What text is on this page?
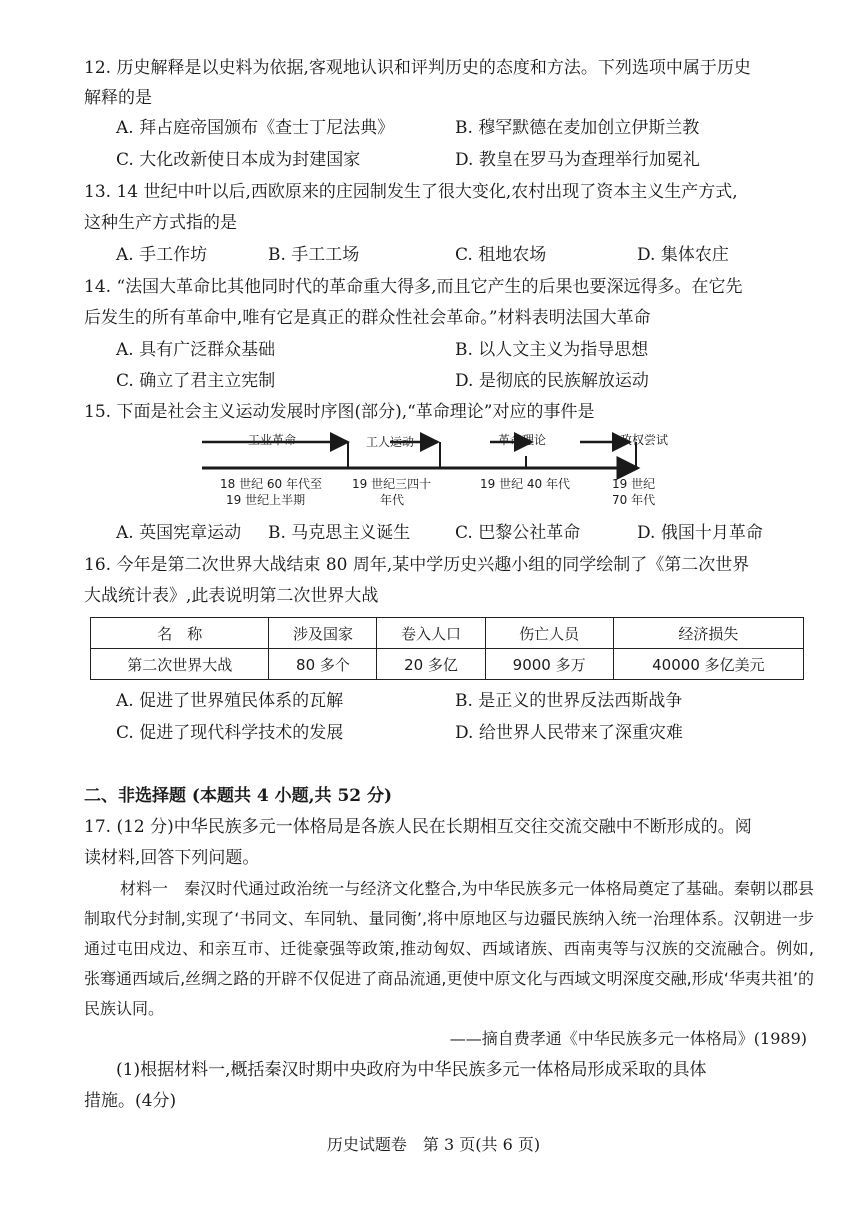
12. 历史解释是以史料为依据,客观地认识和评判历史的态度和方法。下列选项中属于历史
解释的是
A. 拜占庭帝国颁布《查士丁尼法典》	B. 穆罕默德在麦加创立伊斯兰教
C. 大化改新使日本成为封建国家	D. 教皇在罗马为查理举行加冕礼
13. 14 世纪中叶以后,西欧原来的庄园制发生了很大变化,农村出现了资本主义生产方式,
这种生产方式指的是
A. 手工作坊	B. 手工工场	C. 租地农场	D. 集体农庄
14. “法国大革命比其他同时代的革命重大得多,而且它产生的后果也要深远得多。在它先
后发生的所有革命中,唯有它是真正的群众性社会革命。”材料表明法国大革命
A. 具有广泛群众基础	B. 以人文主义为指导思想
C. 确立了君主立宪制	D. 是彻底的民族解放运动
15. 下面是社会主义运动发展时序图(部分),“革命理论”对应的事件是
工业革命	工人运动	革命理论	政权尝试
18 世纪 60 年代至
19 世纪上半期
19 世纪三四十
年代
19 世纪 40 年代	19 世纪
70 年代
A. 英国宪章运动 B. 马克思主义诞生	C. 巴黎公社革命	D. 俄国十月革命
16. 今年是第二次世界大战结束 80 周年,某中学历史兴趣小组的同学绘制了《第二次世界
大战统计表》,此表说明第二次世界大战
名　称	涉及国家	卷入人口	伤亡人员	经济损失
第二次世界大战	80 多个	20 多亿	9000 多万	40000 多亿美元
A. 促进了世界殖民体系的瓦解	B. 是正义的世界反法西斯战争
C. 促进了现代科学技术的发展	D. 给世界人民带来了深重灾难
二、非选择题 (本题共 4 小题,共 52 分)
17. (12 分)中华民族多元一体格局是各族人民在长期相互交往交流交融中不断形成的。阅
读材料,回答下列问题。
材料一　秦汉时代通过政治统一与经济文化整合,为中华民族多元一体格局奠定了基础。秦朝以郡县制取代分封制,实现了‘书同文、车同轨、量同衡’,将中原地区与边疆民族纳入统一治理体系。汉朝进一步通过屯田戍边、和亲互市、迁徙豪强等政策,推动匈奴、西域诸族、西南夷等与汉族的交流融合。例如,张骞通西域后,丝绸之路的开辟不仅促进了商品流通,更使中原文化与西域文明深度交融,形成‘华夷共祖’的民族认同。
——摘自费孝通《中华民族多元一体格局》(1989)
(1)根据材料一,概括秦汉时期中央政府为中华民族多元一体格局形成采取的具体
措施。(4分)
历史试题卷　第 3 页(共 6 页)
